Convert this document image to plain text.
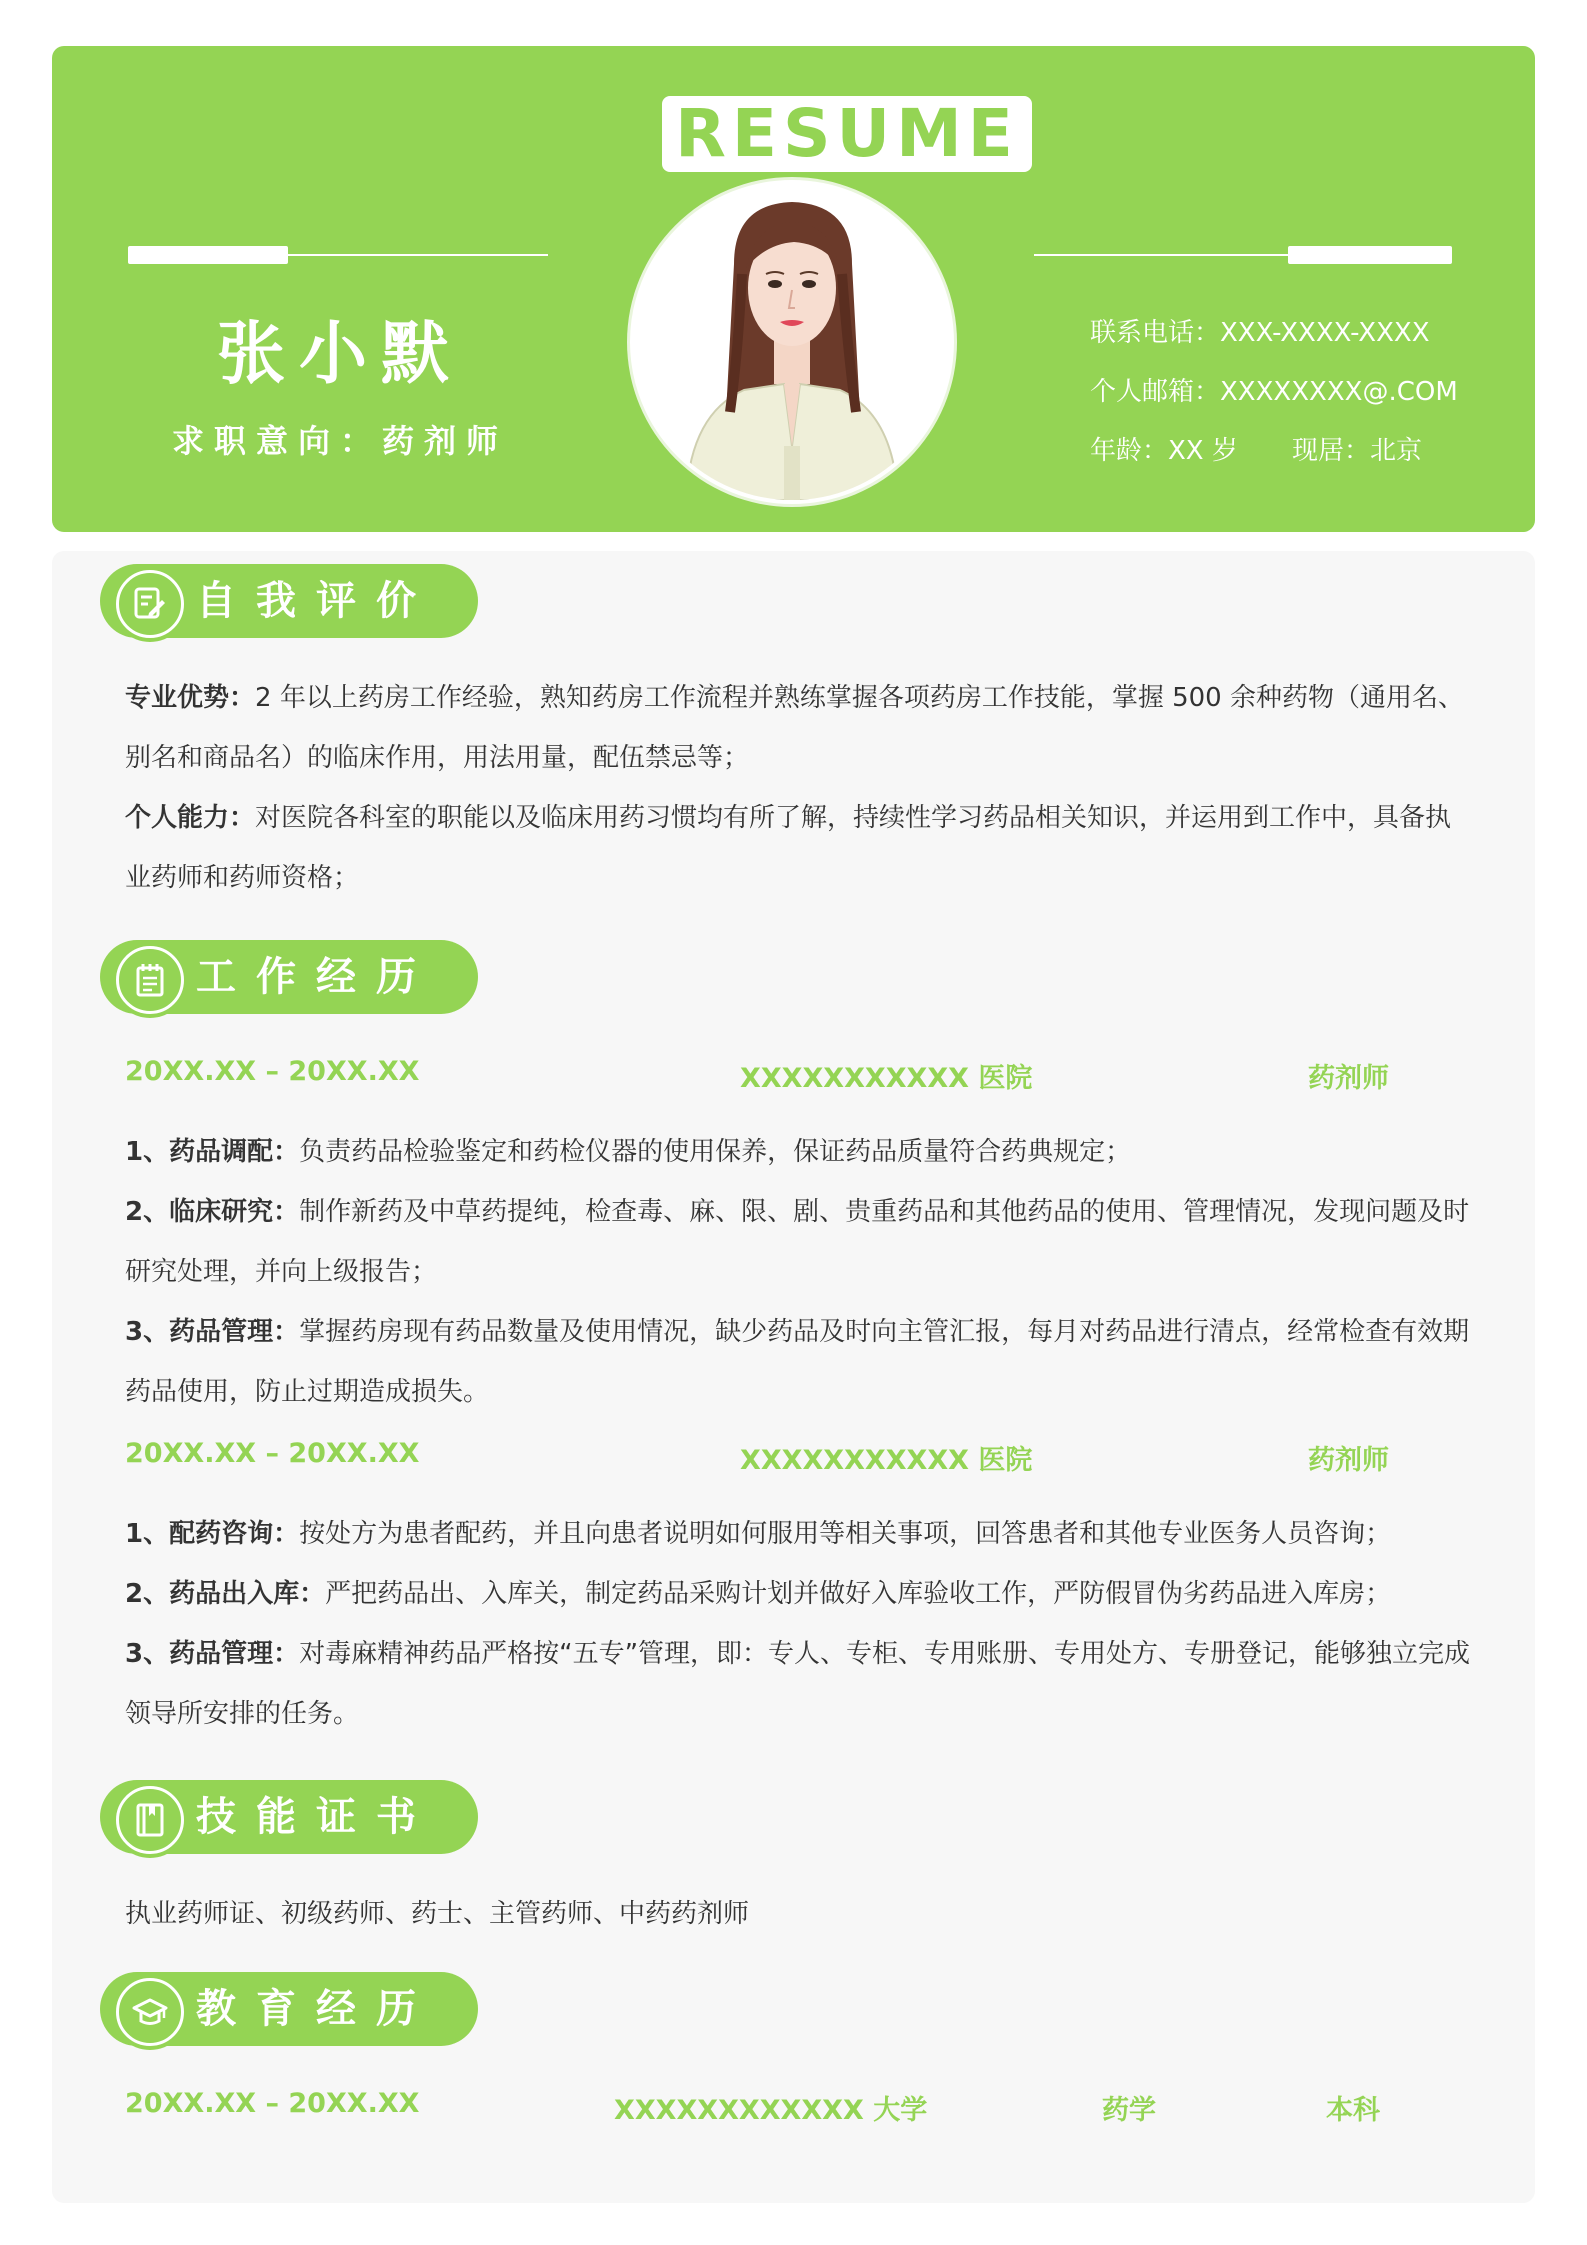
RESUME
张小默
求职意向：药剂师
联系电话：XXX-XXXX-XXXX
个人邮箱：XXXXXXXX@.COM
年龄：XX 岁 现居：北京
自我评价
专业优势：2 年以上药房工作经验，熟知药房工作流程并熟练掌握各项药房工作技能，掌握 500 余种药物（通用名、别名和商品名）的临床作用，用法用量，配伍禁忌等；
个人能力：对医院各科室的职能以及临床用药习惯均有所了解，持续性学习药品相关知识，并运用到工作中，具备执业药师和药师资格；
工作经历
20XX.XX – 20XX.XX	XXXXXXXXXXX 医院	药剂师
1、药品调配：负责药品检验鉴定和药检仪器的使用保养，保证药品质量符合药典规定；
2、临床研究：制作新药及中草药提纯，检查毒、麻、限、剧、贵重药品和其他药品的使用、管理情况，发现问题及时研究处理，并向上级报告；
3、药品管理：掌握药房现有药品数量及使用情况，缺少药品及时向主管汇报，每月对药品进行清点，经常检查有效期药品使用，防止过期造成损失。
20XX.XX – 20XX.XX	XXXXXXXXXXX 医院	药剂师
1、配药咨询：按处方为患者配药，并且向患者说明如何服用等相关事项，回答患者和其他专业医务人员咨询；
2、药品出入库：严把药品出、入库关，制定药品采购计划并做好入库验收工作，严防假冒伪劣药品进入库房；
3、药品管理：对毒麻精神药品严格按“五专”管理，即：专人、专柜、专用账册、专用处方、专册登记，能够独立完成领导所安排的任务。
技能证书
执业药师证、初级药师、药士、主管药师、中药药剂师
教育经历
20XX.XX – 20XX.XX	XXXXXXXXXXXX 大学	药学	本科
